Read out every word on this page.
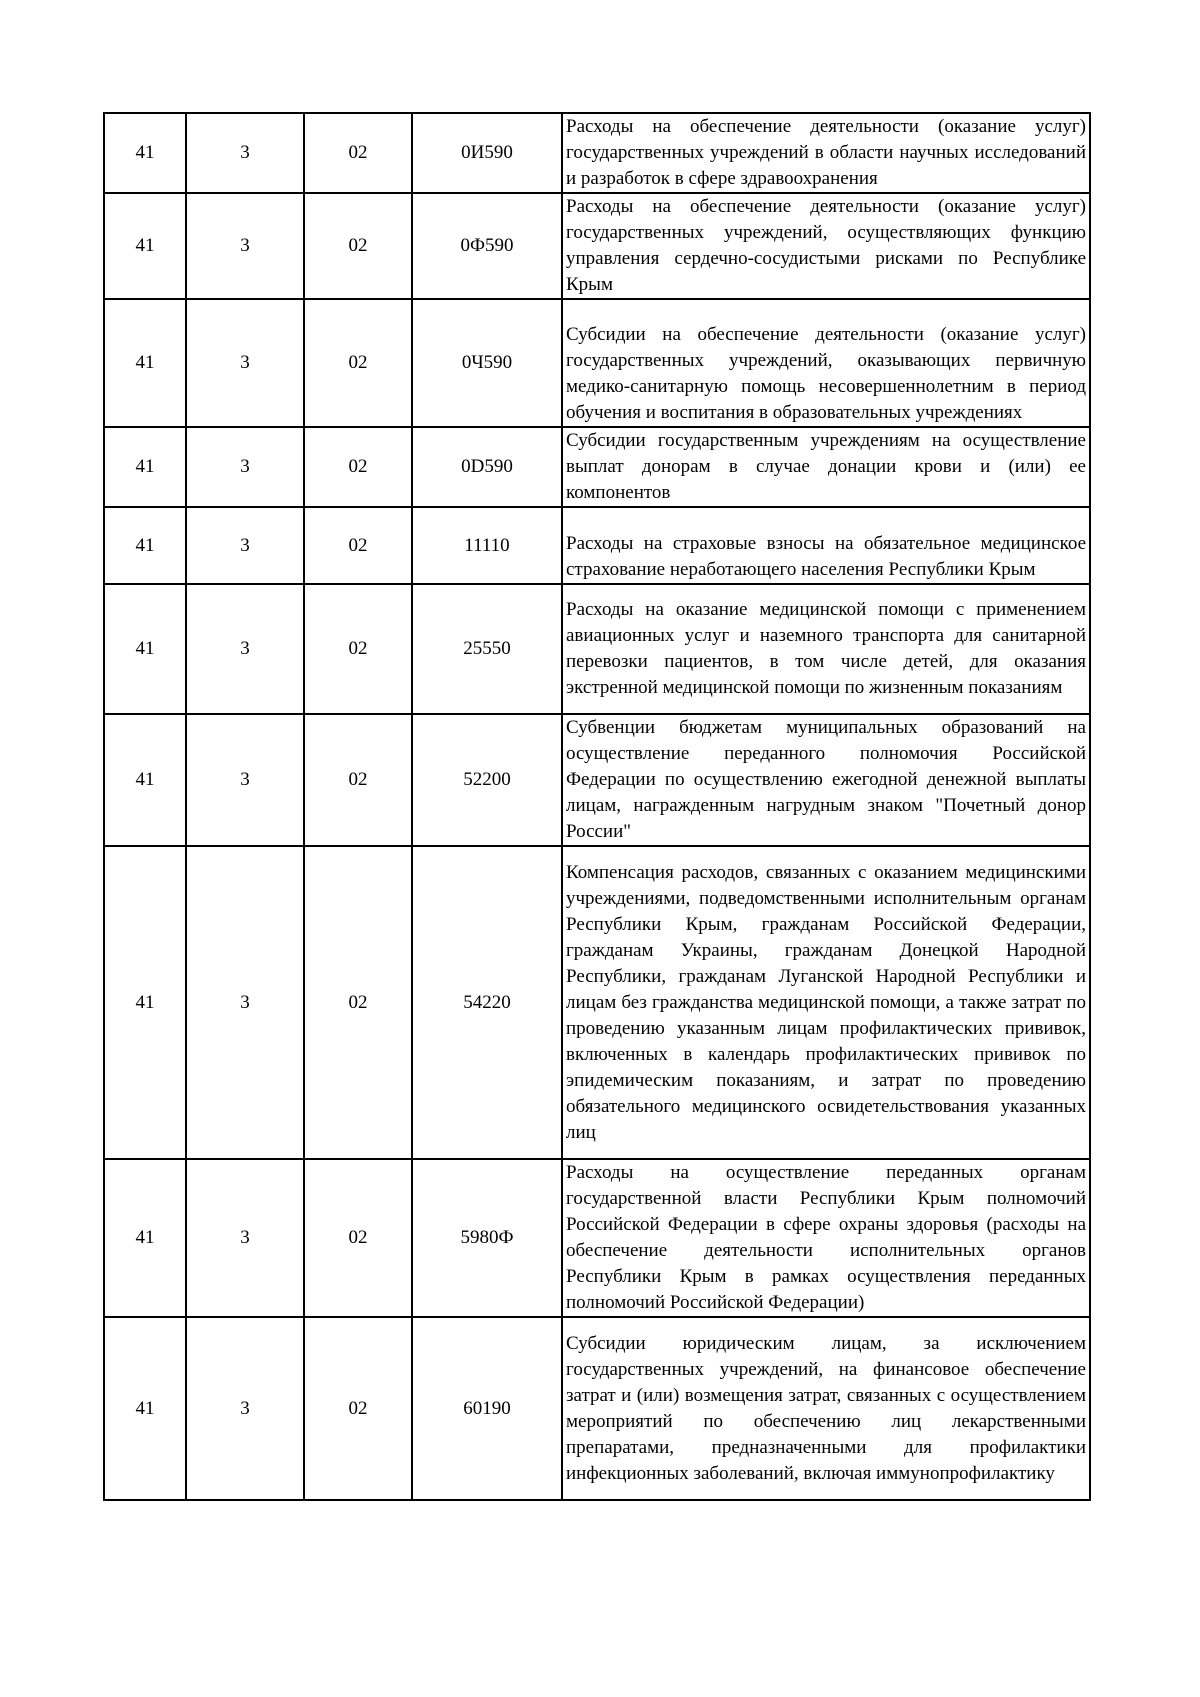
41	3	02	0И590	Расходы на обеспечение деятельности (оказание услуг) государственных учреждений в области научных исследований и разработок в сфере здравоохранения
41	3	02	0Ф590	Расходы на обеспечение деятельности (оказание услуг) государственных учреждений, осуществляющих функцию управления сердечно-сосудистыми рисками по Республике Крым
41	3	02	0Ч590	Субсидии на обеспечение деятельности (оказание услуг) государственных учреждений, оказывающих первичную медико-санитарную помощь несовершеннолетним в период обучения и воспитания в образовательных учреждениях
41	3	02	0D590	Субсидии государственным учреждениям на осуществление выплат донорам в случае донации крови и (или) ее компонентов
41	3	02	11110	Расходы на страховые взносы на обязательное медицинское страхование неработающего населения Республики Крым
41	3	02	25550	Расходы на оказание медицинской помощи с применением авиационных услуг и наземного транспорта для санитарной перевозки пациентов, в том числе детей, для оказания экстренной медицинской помощи по жизненным показаниям
41	3	02	52200	Субвенции бюджетам муниципальных образований на осуществление переданного полномочия Российской Федерации по осуществлению ежегодной денежной выплаты лицам, награжденным нагрудным знаком "Почетный донор России"
41	3	02	54220	Компенсация расходов, связанных с оказанием медицинскими учреждениями, подведомственными исполнительным органам Республики Крым, гражданам Российской Федерации, гражданам Украины, гражданам Донецкой Народной Республики, гражданам Луганской Народной Республики и лицам без гражданства медицинской помощи, а также затрат по проведению указанным лицам профилактических прививок, включенных в календарь профилактических прививок по эпидемическим показаниям, и затрат по проведению обязательного медицинского освидетельствования указанных лиц
41	3	02	5980Ф	Расходы на осуществление переданных органам государственной власти Республики Крым полномочий Российской Федерации в сфере охраны здоровья (расходы на обеспечение деятельности исполнительных органов Республики Крым в рамках осуществления переданных полномочий Российской Федерации)
41	3	02	60190	Субсидии юридическим лицам, за исключением государственных учреждений, на финансовое обеспечение затрат и (или) возмещения затрат, связанных с осуществлением мероприятий по обеспечению лиц лекарственными препаратами, предназначенными для профилактики инфекционных заболеваний, включая иммунопрофилактику
